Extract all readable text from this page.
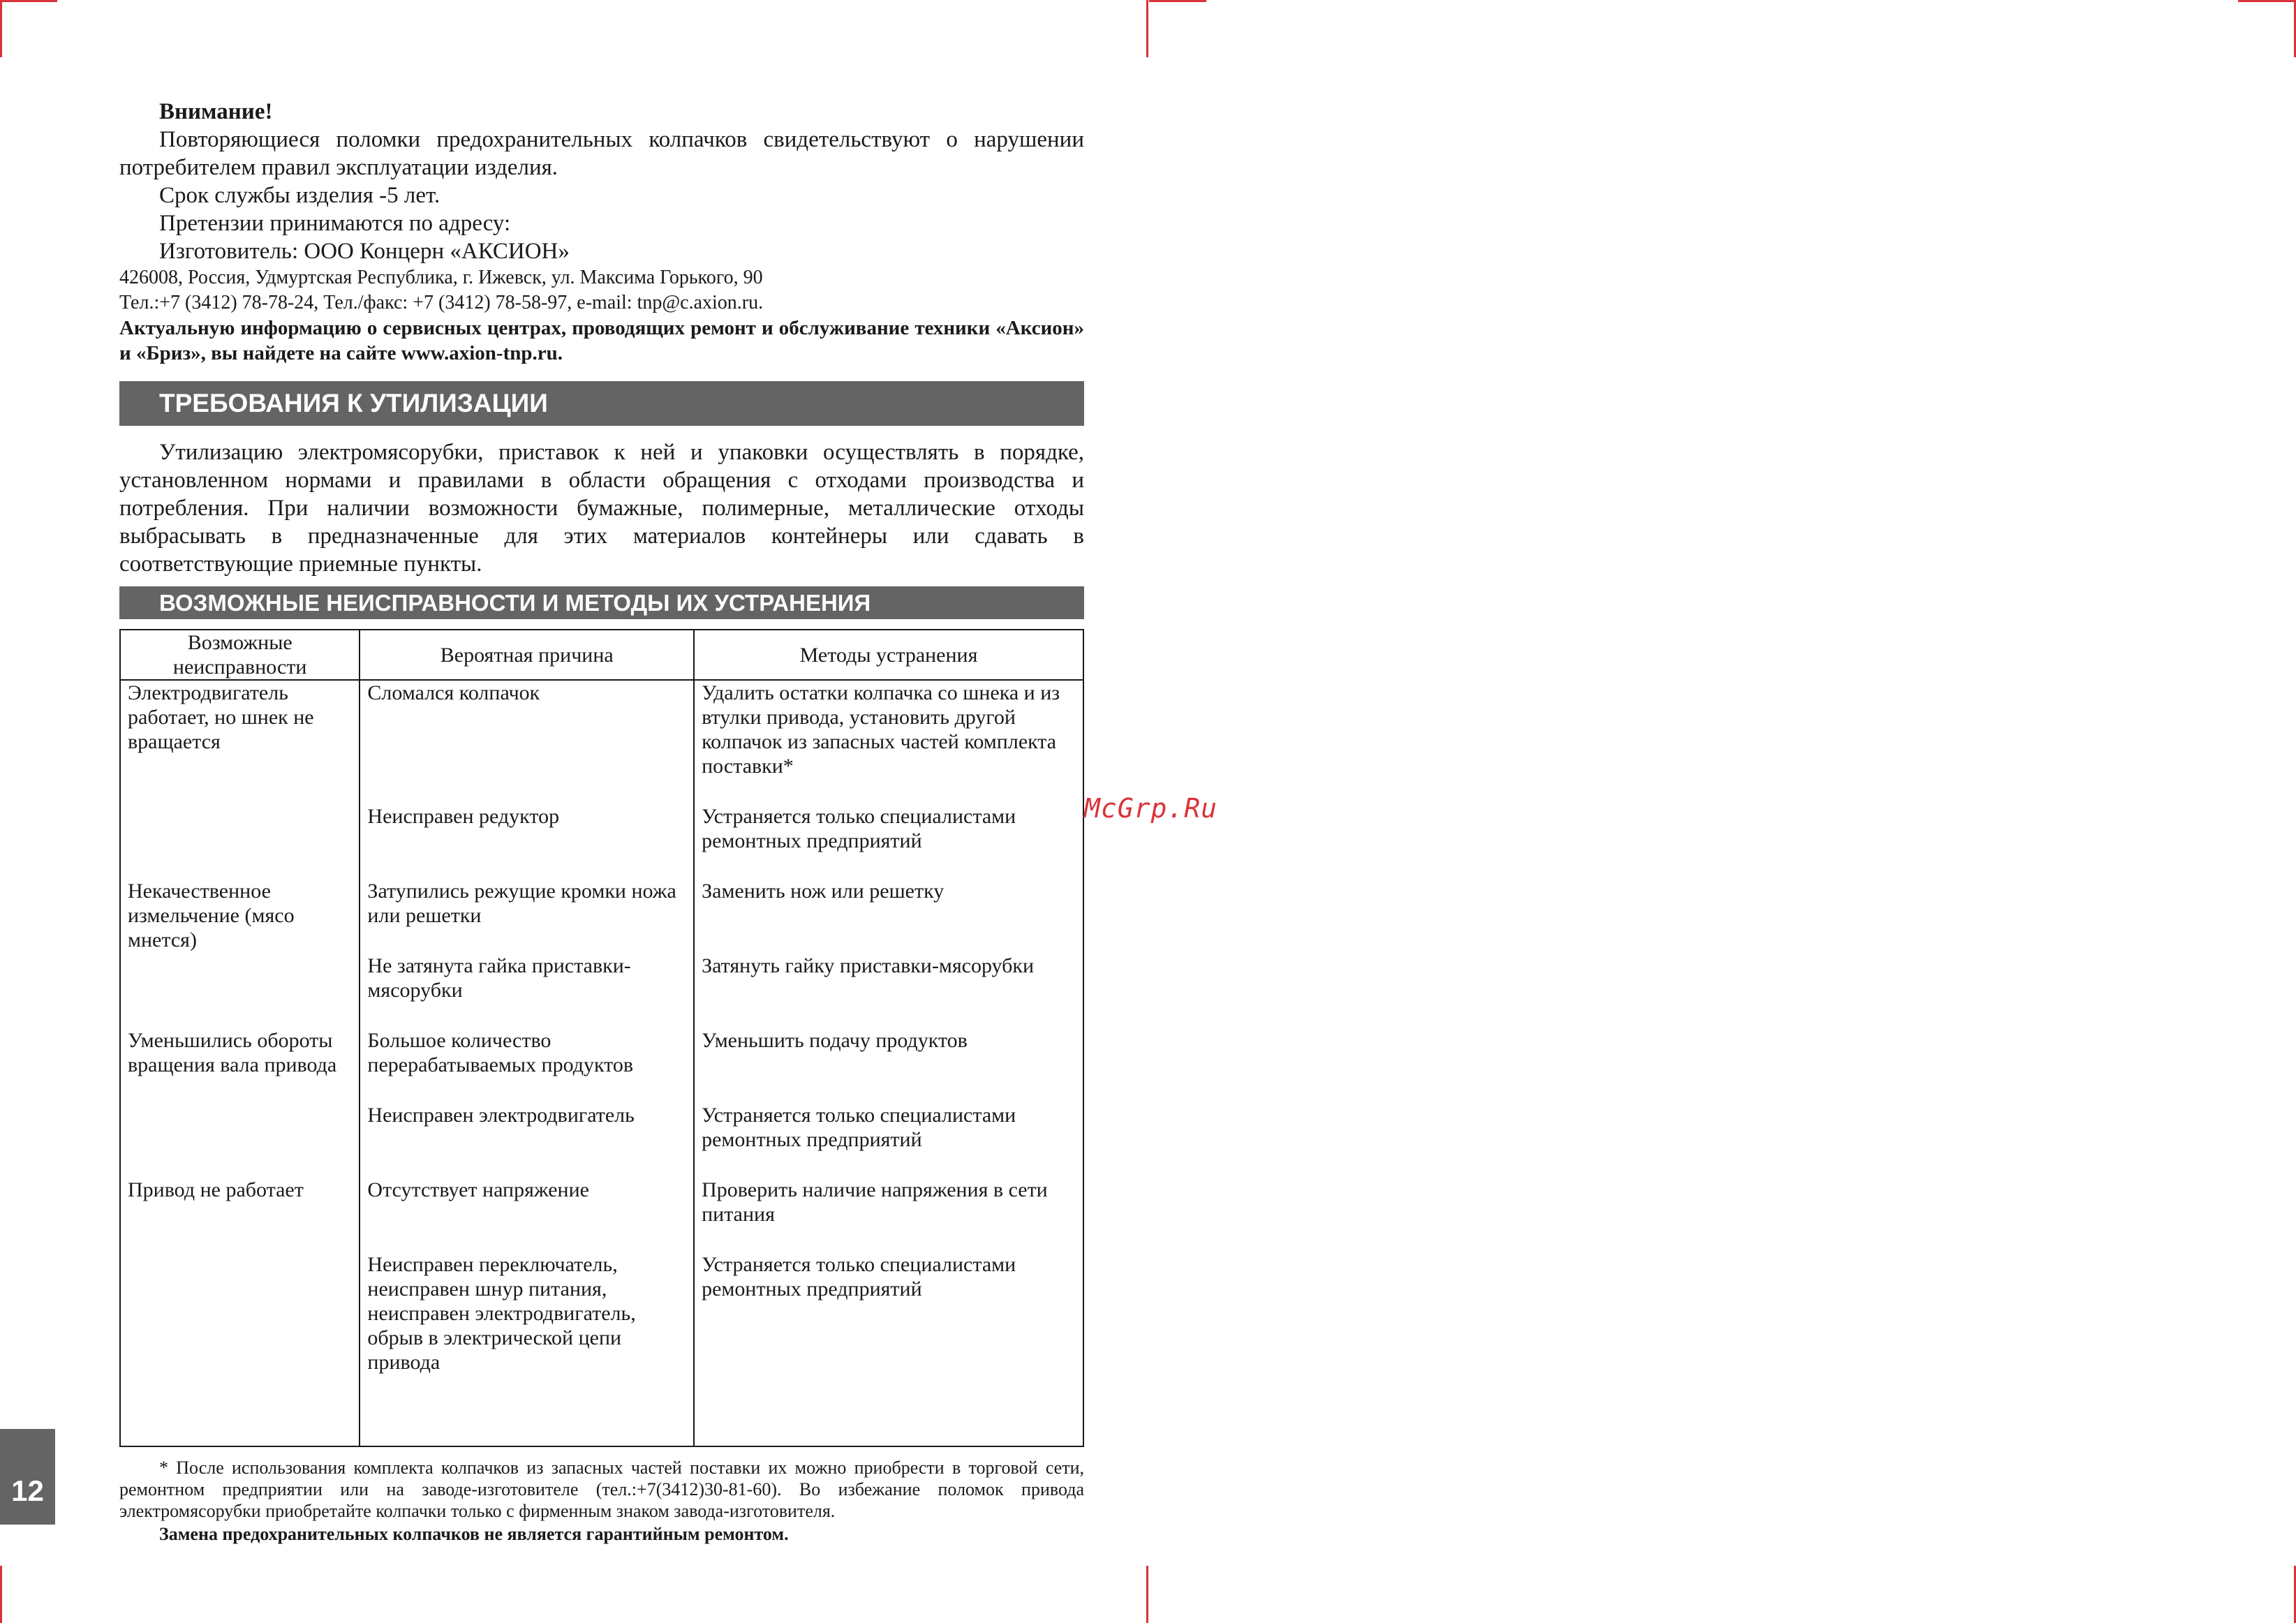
Внимание!

Повторяющиеся поломки предохранительных колпачков свидетельствуют о нарушении потребителем правил эксплуатации изделия.

Срок службы изделия -5 лет.

Претензии принимаются по адресу:

Изготовитель: ООО Концерн «АКСИОН»

426008, Россия, Удмуртская Республика, г. Ижевск, ул. Максима Горького, 90

Тел.:+7 (3412) 78-78-24, Тел./факс: +7 (3412) 78-58-97, e-mail: tnp@c.axion.ru.

Актуальную информацию о сервисных центрах, проводящих ремонт и обслуживание техники «Аксион» и «Бриз», вы найдете на сайте www.axion-tnp.ru.

ТРЕБОВАНИЯ К УТИЛИЗАЦИИ

Утилизацию электромясорубки, приставок к ней и упаковки осуществлять в порядке, установленном нормами и правилами в области обращения с отходами производства и потребления. При наличии возможности бумажные, полимерные, металлические отходы выбрасывать в предназначенные для этих материалов контейнеры или сдавать в соответствующие приемные пункты.

ВОЗМОЖНЫЕ НЕИСПРАВНОСТИ И МЕТОДЫ ИХ УСТРАНЕНИЯ
Возможные неисправности	Вероятная причина	Методы устранения
Электродвигатель работает, но шнек не вращается	Сломался колпачок	Удалить остатки колпачка со шнека и из втулки привода, установить другой колпачок из запасных частей комплекта поставки*
	Неисправен редуктор	Устраняется только специалистами ремонтных предприятий
Некачественное измельчение (мясо мнется)	Затупились режущие кромки ножа или решетки	Заменить нож или решетку
	Не затянута гайка приставки-мясорубки	Затянуть гайку приставки-мясорубки
Уменьшились обороты вращения вала привода	Большое количество перерабатываемых продуктов	Уменьшить подачу продуктов
	Неисправен электродвигатель	Устраняется только специалистами ремонтных предприятий
Привод не работает	Отсутствует напряжение	Проверить наличие напряжения в сети питания
	Неисправен переключатель, неисправен шнур питания, неисправен электродвигатель, обрыв в электрической цепи привода	Устраняется только специалистами ремонтных предприятий

* После использования комплекта колпачков из запасных частей поставки их можно приобрести в торговой сети, ремонтном предприятии или на заводе-изготовителе (тел.:+7(3412)30-81-60). Во избежание поломок привода электромясорубки приобретайте колпачки только с фирменным знаком завода-изготовителя.

Замена предохранительных колпачков не является гарантийным ремонтом.

McGrp.Ru
12
